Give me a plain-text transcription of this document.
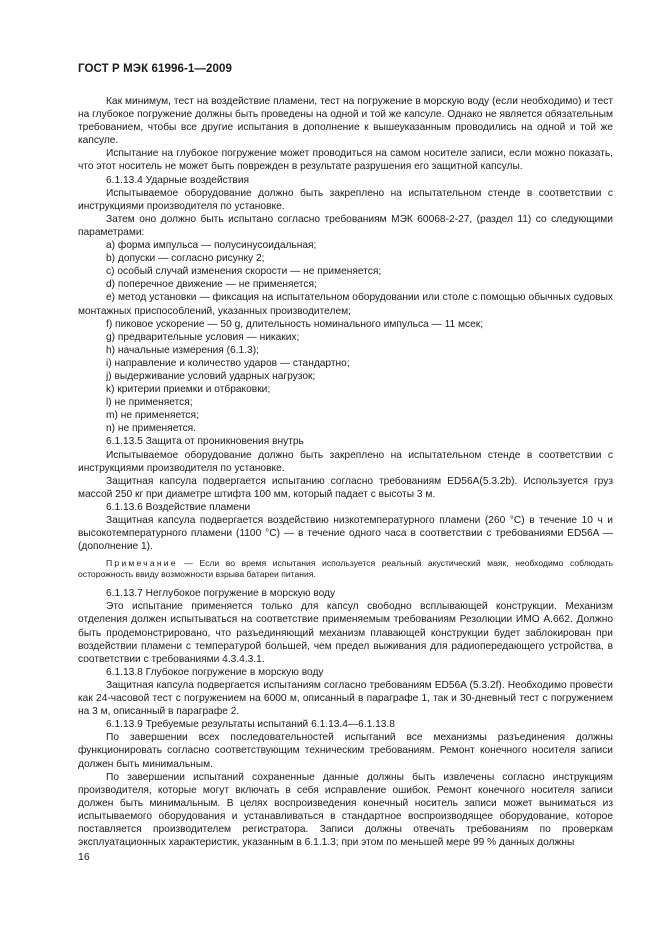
ГОСТ Р МЭК 61996-1—2009

Как минимум, тест на воздействие пламени, тест на погружение в морскую воду (если необходимо) и тест на глубокое погружение должны быть проведены на одной и той же капсуле. Однако не является обязательным требованием, чтобы все другие испытания в дополнение к вышеуказанным проводились на одной и той же капсуле.

Испытание на глубокое погружение может проводиться на самом носителе записи, если можно показать, что этот носитель не может быть поврежден в результате разрушения его защитной капсулы.

6.1.13.4 Ударные воздействия

Испытываемое оборудование должно быть закреплено на испытательном стенде в соответствии с инструкциями производителя по установке.

Затем оно должно быть испытано согласно требованиям МЭК 60068-2-27, (раздел 11) со следующими параметрами:

a) форма импульса — полусинусоидальная;

b) допуски — согласно рисунку 2;

c) особый случай изменения скорости — не применяется;

d) поперечное движение — не применяется;

e) метод установки — фиксация на испытательном оборудовании или столе с помощью обычных судовых монтажных приспособлений, указанных производителем;

f) пиковое ускорение — 50 g, длительность номинального импульса — 11 мсек;

g) предварительные условия — никаких;

h) начальные измерения (6.1.3);

i) направление и количество ударов — стандартно;

j) выдерживание условий ударных нагрузок;

k) критерии приемки и отбраковки;

l) не применяется;

m) не применяется;

n) не применяется.

6.1.13.5 Защита от проникновения внутрь

Испытываемое оборудование должно быть закреплено на испытательном стенде в соответствии с инструкциями производителя по установке.

Защитная капсула подвергается испытанию согласно требованиям ED56A(5.3.2b). Используется груз массой 250 кг при диаметре штифта 100 мм, который падает с высоты 3 м.

6.1.13.6 Воздействие пламени

Защитная капсула подвергается воздействию низкотемпературного пламени (260 °C) в течение 10 ч и высокотемпературного пламени (1100 °C) — в течение одного часа в соответствии с требованиями ED56A — (дополнение 1).

Примечание — Если во время испытания используется реальный акустический маяк, необходимо соблюдать осторожность ввиду возможности взрыва батареи питания.

6.1.13.7 Неглубокое погружение в морскую воду

Это испытание применяется только для капсул свободно всплывающей конструкции. Механизм отделения должен испытываться на соответствие применяемым требованиям Резолюции ИМО А.662. Должно быть продемонстрировано, что разъединяющий механизм плавающей конструкции будет заблокирован при воздействии пламени с температурой большей, чем предел выживания для радиопередающего устройства, в соответствии с требованиями 4.3.4.3.1.

6.1.13.8 Глубокое погружение в морскую воду

Защитная капсула подвергается испытаниям согласно требованиям ED56A (5.3.2f). Необходимо провести как 24-часовой тест с погружением на 6000 м, описанный в параграфе 1, так и 30-дневный тест с погружением на 3 м, описанный в параграфе 2.

6.1.13.9 Требуемые результаты испытаний 6.1.13.4—6.1.13.8

По завершении всех последовательностей испытаний все механизмы разъединения должны функционировать согласно соответствующим техническим требованиям. Ремонт конечного носителя записи должен быть минимальным.

По завершении испытаний сохраненные данные должны быть извлечены согласно инструкциям производителя, которые могут включать в себя исправление ошибок. Ремонт конечного носителя записи должен быть минимальным. В целях воспроизведения конечный носитель записи может выниматься из испытываемого оборудования и устанавливаться в стандартное воспроизводящее оборудование, которое поставляется производителем регистратора. Записи должны отвечать требованиям по проверкам эксплуатационных характеристик, указанным в 6.1.1.3; при этом по меньшей мере 99 % данных должны

16
